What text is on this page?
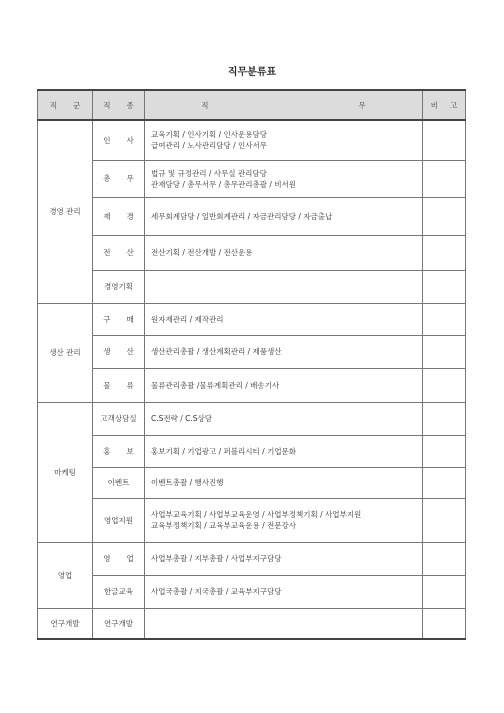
직무분류표
직 군	직 종	직 무	비 고

경영 관리	인 사	교육기획 / 인사기획 / 인사운용담당
급여관리 / 노사관리담당 / 인사서무	

	총 무	법규 및 규정관리 / 사무실 관리담당
관재담당 / 총무서무 / 총무관리총괄 / 비서원	

	재 경	세무회계담당 / 일반회계관리 / 자금관리담당 / 자금출납	

	전 산	전산기획 / 전산개발 / 전산운용	

	경영기획		
생산 관리	구 매	원자재관리 / 제작관리	

	생 산	생산관리총괄 / 생산계획관리 / 제품생산	

	물 류	물류관리총괄 /물류계획관리 / 배송기사	

마케팅	고객상담실	C.S전략 / C.S상담	

	홍 보	홍보기획 / 기업광고 / 퍼블리시티 / 기업문화	

	이벤트	이벤트총괄 / 행사진행	

	영업지원	사업부교육기획 / 사업부교육운영 / 사업부정책기획 / 사업부지원
교육부정책기획 / 교육부교육운용 / 전문강사	

영업	영 업	사업부총괄 / 지부총괄 / 사업부지구담당	

	한글교육	사업국총괄 / 지국총괄 / 교육부지구담당	

연구개발	연구개발		
